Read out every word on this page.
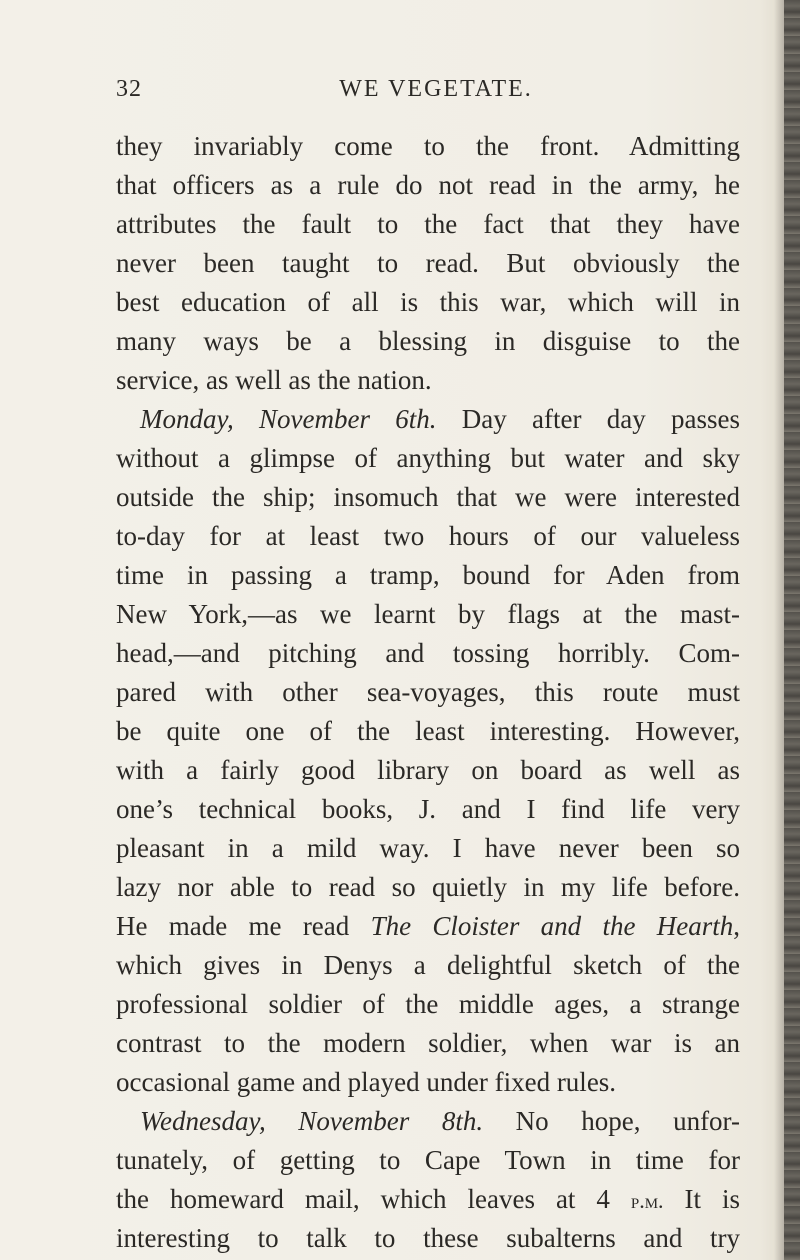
32	WE VEGETATE.
they invariably come to the front. Admitting
that officers as a rule do not read in the army, he
attributes the fault to the fact that they have
never been taught to read. But obviously the
best education of all is this war, which will in
many ways be a blessing in disguise to the
service, as well as the nation.
Monday, November 6th. Day after day passes
without a glimpse of anything but water and sky
outside the ship; insomuch that we were interested
to-day for at least two hours of our valueless
time in passing a tramp, bound for Aden from
New York,—as we learnt by flags at the mast-
head,—and pitching and tossing horribly. Com-
pared with other sea-voyages, this route must
be quite one of the least interesting. However,
with a fairly good library on board as well as
one’s technical books, J. and I find life very
pleasant in a mild way. I have never been so
lazy nor able to read so quietly in my life before.
He made me read The Cloister and the Hearth,
which gives in Denys a delightful sketch of the
professional soldier of the middle ages, a strange
contrast to the modern soldier, when war is an
occasional game and played under fixed rules.
Wednesday, November 8th. No hope, unfor-
tunately, of getting to Cape Town in time for
the homeward mail, which leaves at 4 p.m. It is
interesting to talk to these subalterns and try
